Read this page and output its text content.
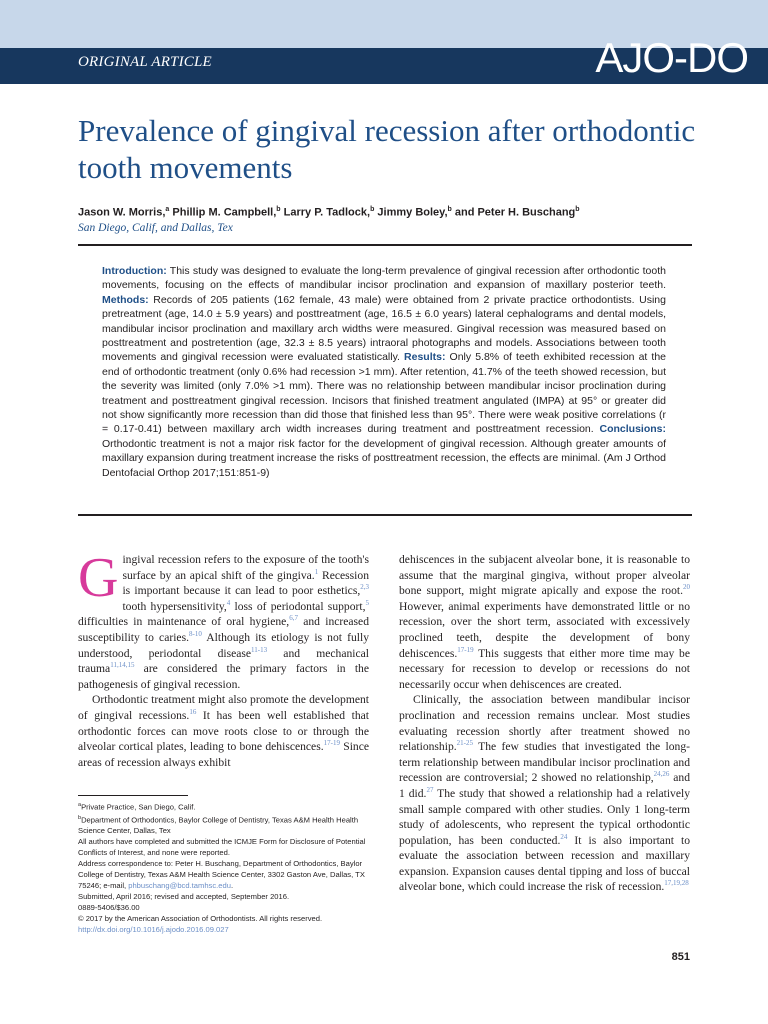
ORIGINAL ARTICLE	AJO-DO
Prevalence of gingival recession after orthodontic tooth movements
Jason W. Morris,$^a$ Phillip M. Campbell,$^b$ Larry P. Tadlock,$^b$ Jimmy Boley,$^b$ and Peter H. Buschang$^b$
San Diego, Calif, and Dallas, Tex
Introduction: This study was designed to evaluate the long-term prevalence of gingival recession after orthodontic tooth movements, focusing on the effects of mandibular incisor proclination and expansion of maxillary posterior teeth. Methods: Records of 205 patients (162 female, 43 male) were obtained from 2 private practice orthodontists. Using pretreatment (age, 14.0 ± 5.9 years) and posttreatment (age, 16.5 ± 6.0 years) lateral cephalograms and dental models, mandibular incisor proclination and maxillary arch widths were measured. Gingival recession was measured based on posttreatment and postretention (age, 32.3 ± 8.5 years) intraoral photographs and models. Associations between tooth movements and gingival recession were evaluated statistically. Results: Only 5.8% of teeth exhibited recession at the end of orthodontic treatment (only 0.6% had recession >1 mm). After retention, 41.7% of the teeth showed recession, but the severity was limited (only 7.0% >1 mm). There was no relationship between mandibular incisor proclination during treatment and posttreatment gingival recession. Incisors that finished treatment angulated (IMPA) at 95° or greater did not show significantly more recession than did those that finished less than 95°. There were weak positive correlations (r = 0.17-0.41) between maxillary arch width increases during treatment and posttreatment recession. Conclusions: Orthodontic treatment is not a major risk factor for the development of gingival recession. Although greater amounts of maxillary expansion during treatment increase the risks of posttreatment recession, the effects are minimal. (Am J Orthod Dentofacial Orthop 2017;151:851-9)

Gingival recession refers to the exposure of the tooth's surface by an apical shift of the gingiva.$^1$ Recession is important because it can lead to poor esthetics,$^{2,3}$ tooth hypersensitivity,$^4$ loss of periodontal support,$^5$ difficulties in maintenance of oral hygiene,$^{6,7}$ and increased susceptibility to caries.$^{8-10}$ Although its etiology is not fully understood, periodontal disease$^{11-13}$ and mechanical trauma$^{11,14,15}$ are considered the primary factors in the pathogenesis of gingival recession.

Orthodontic treatment might also promote the development of gingival recessions.$^{16}$ It has been well established that orthodontic forces can move roots close to or through the alveolar cortical plates, leading to bone dehiscences.$^{17-19}$ Since areas of recession always exhibit

$^a$Private Practice, San Diego, Calif.

$^b$Department of Orthodontics, Baylor College of Dentistry, Texas A&M Health Health Science Center, Dallas, Tex

All authors have completed and submitted the ICMJE Form for Disclosure of Potential Conflicts of Interest, and none were reported.

Address correspondence to: Peter H. Buschang, Department of Orthodontics, Baylor College of Dentistry, Texas A&M Health Science Center, 3302 Gaston Ave, Dallas, TX 75246; e-mail, phbuschang@bcd.tamhsc.edu.

Submitted, April 2016; revised and accepted, September 2016.

0889-5406/$36.00

© 2017 by the American Association of Orthodontists. All rights reserved.

http://dx.doi.org/10.1016/j.ajodo.2016.09.027

dehiscences in the subjacent alveolar bone, it is reasonable to assume that the marginal gingiva, without proper alveolar bone support, might migrate apically and expose the root.$^{20}$ However, animal experiments have demonstrated little or no recession, over the short term, associated with excessively proclined teeth, despite the development of bony dehiscences.$^{17-19}$ This suggests that either more time may be necessary for recession to develop or recessions do not necessarily occur when dehiscences are created.

Clinically, the association between mandibular incisor proclination and recession remains unclear. Most studies evaluating recession shortly after treatment showed no relationship.$^{21-25}$ The few studies that investigated the long-term relationship between mandibular incisor proclination and recession are controversial; 2 showed no relationship,$^{24,26}$ and 1 did.$^{27}$ The study that showed a relationship had a relatively small sample compared with other studies. Only 1 long-term study of adolescents, who represent the typical orthodontic population, has been conducted.$^{24}$ It is also important to evaluate the association between recession and maxillary expansion. Expansion causes dental tipping and loss of buccal alveolar bone, which could increase the risk of recession.$^{17,19,28}$

851
